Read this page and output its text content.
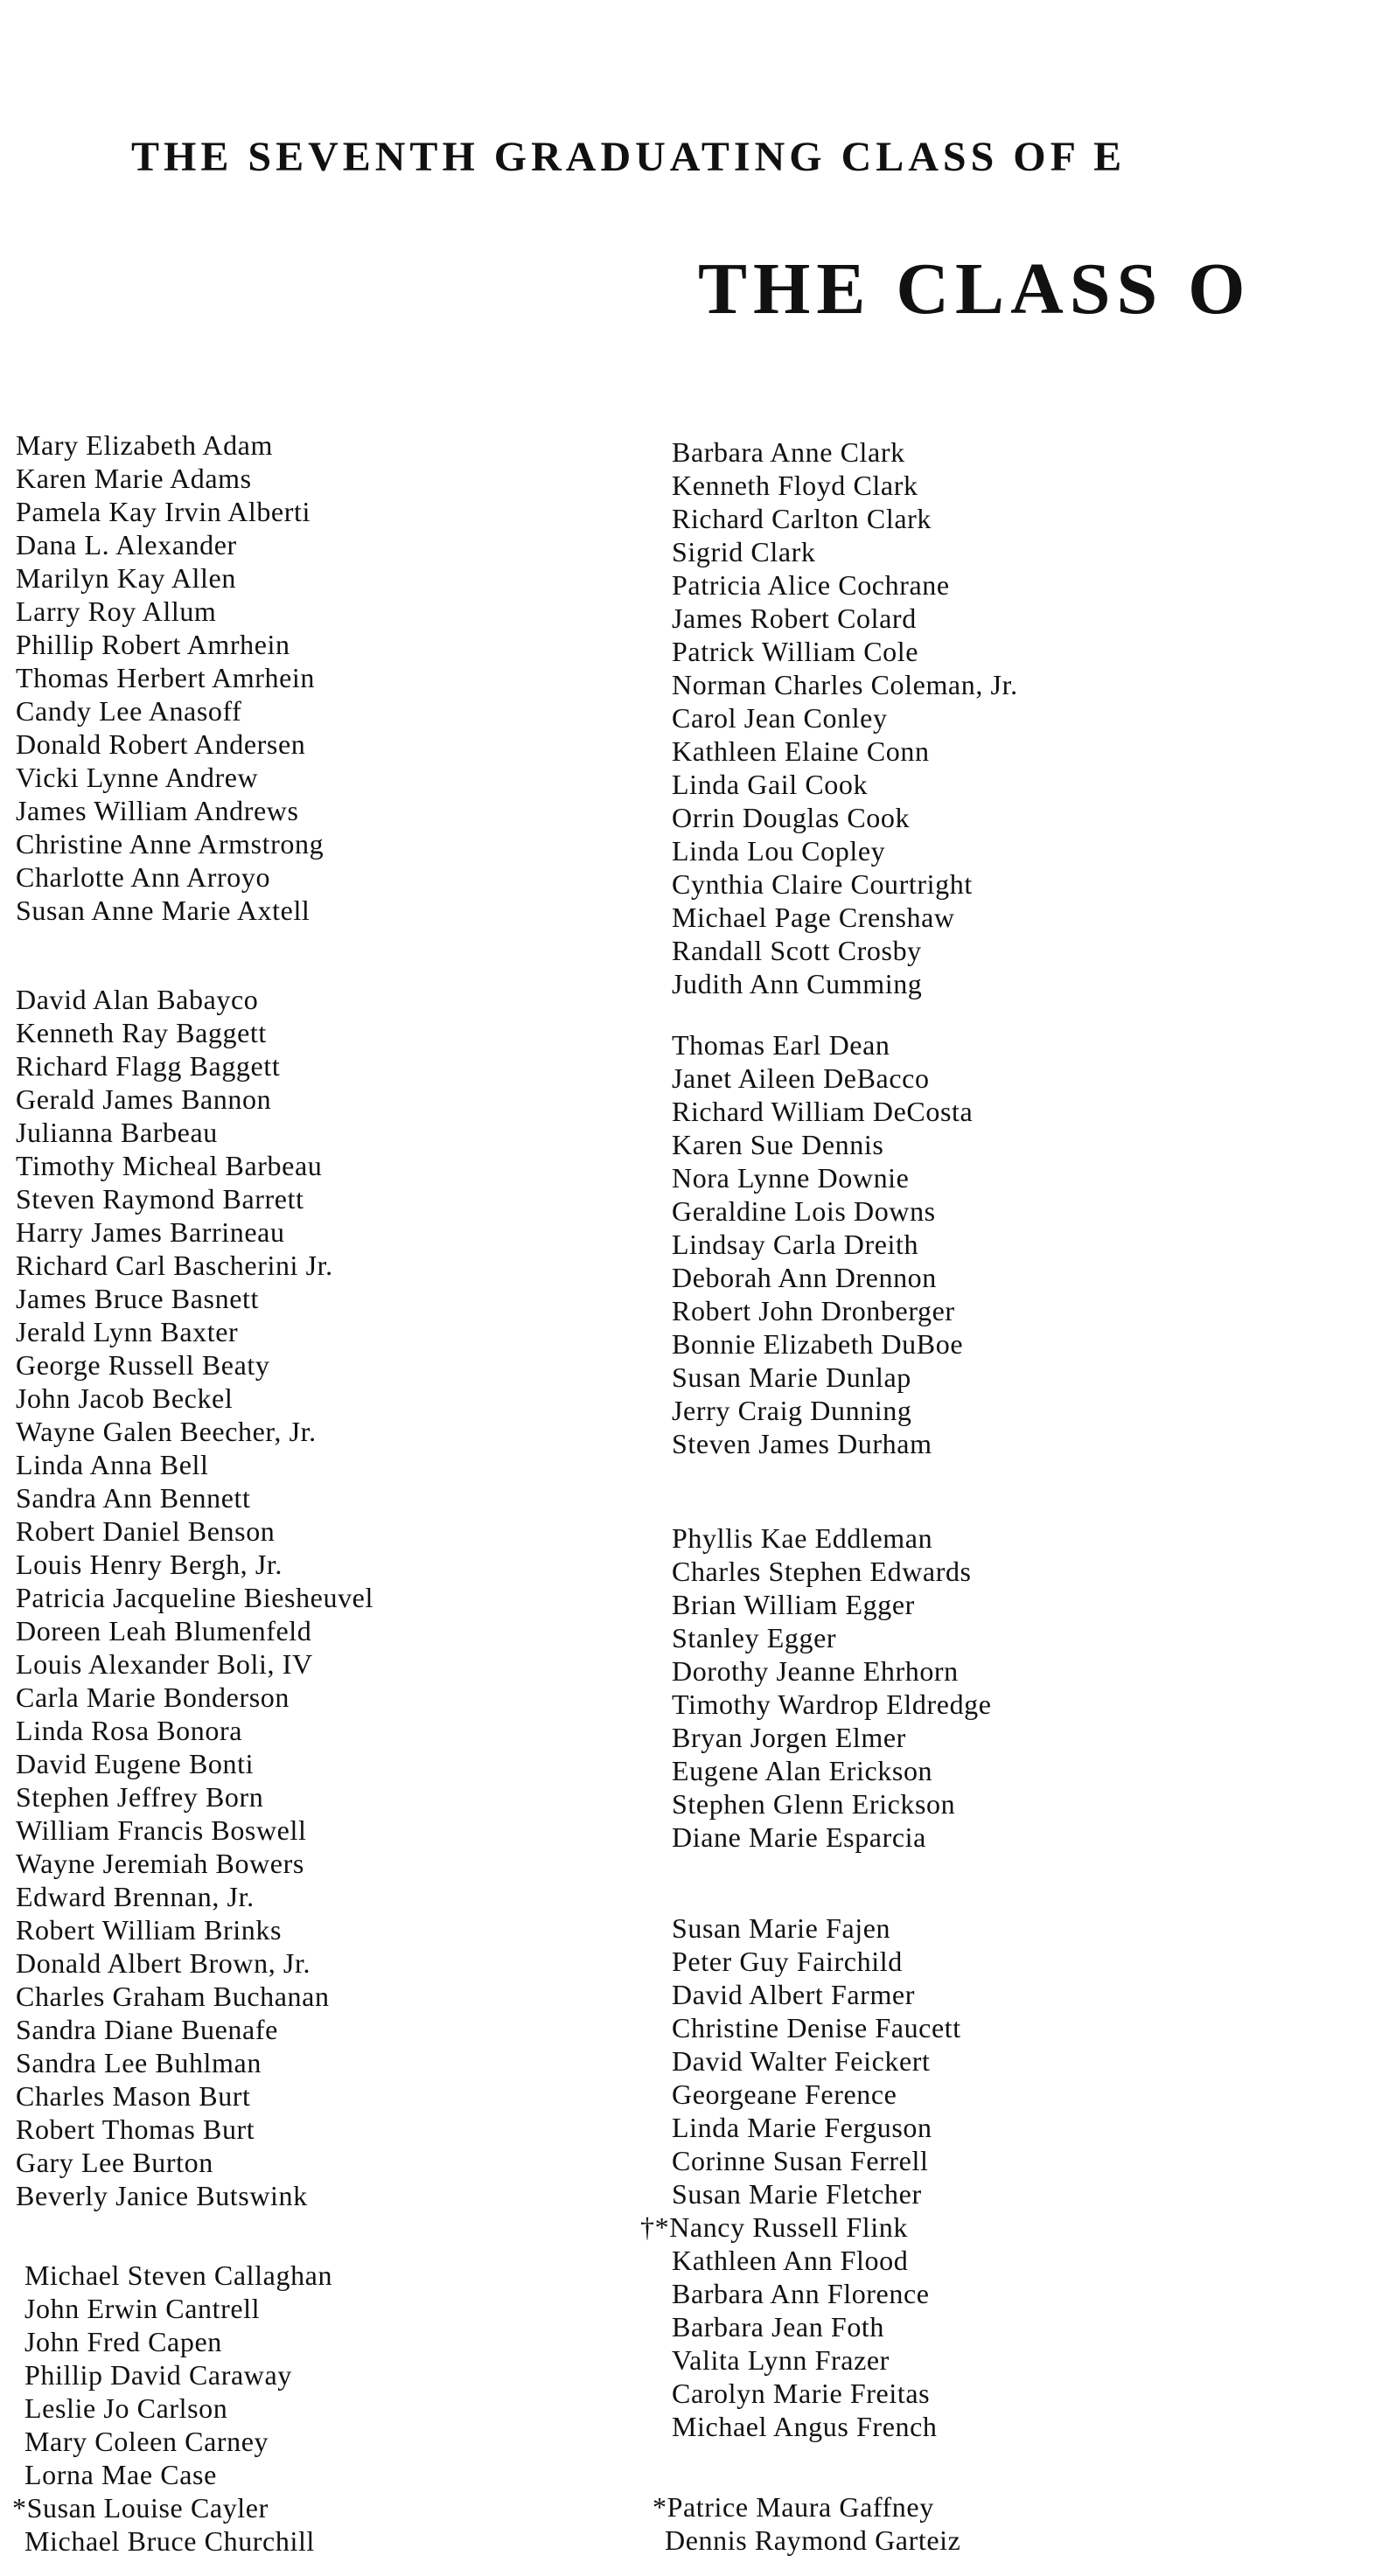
THE SEVENTH GRADUATING CLASS OF E
THE CLASS O
Mary Elizabeth Adam
Karen Marie Adams
Pamela Kay Irvin Alberti
Dana L. Alexander
Marilyn Kay Allen
Larry Roy Allum
Phillip Robert Amrhein
Thomas Herbert Amrhein
Candy Lee Anasoff
Donald Robert Andersen
Vicki Lynne Andrew
James William Andrews
Christine Anne Armstrong
Charlotte Ann Arroyo
Susan Anne Marie Axtell
David Alan Babayco
Kenneth Ray Baggett
Richard Flagg Baggett
Gerald James Bannon
Julianna Barbeau
Timothy Micheal Barbeau
Steven Raymond Barrett
Harry James Barrineau
Richard Carl Bascherini Jr.
James Bruce Basnett
Jerald Lynn Baxter
George Russell Beaty
John Jacob Beckel
Wayne Galen Beecher, Jr.
Linda Anna Bell
Sandra Ann Bennett
Robert Daniel Benson
Louis Henry Bergh, Jr.
Patricia Jacqueline Biesheuvel
Doreen Leah Blumenfeld
Louis Alexander Boli, IV
Carla Marie Bonderson
Linda Rosa Bonora
David Eugene Bonti
Stephen Jeffrey Born
William Francis Boswell
Wayne Jeremiah Bowers
Edward Brennan, Jr.
Robert William Brinks
Donald Albert Brown, Jr.
Charles Graham Buchanan
Sandra Diane Buenafe
Sandra Lee Buhlman
Charles Mason Burt
Robert Thomas Burt
Gary Lee Burton
Beverly Janice Butswink
Michael Steven Callaghan
John Erwin Cantrell
John Fred Capen
Phillip David Caraway
Leslie Jo Carlson
Mary Coleen Carney
Lorna Mae Case
*Susan Louise Cayler
Michael Bruce Churchill
Barbara Anne Clark
Kenneth Floyd Clark
Richard Carlton Clark
Sigrid Clark
Patricia Alice Cochrane
James Robert Colard
Patrick William Cole
Norman Charles Coleman, Jr.
Carol Jean Conley
Kathleen Elaine Conn
Linda Gail Cook
Orrin Douglas Cook
Linda Lou Copley
Cynthia Claire Courtright
Michael Page Crenshaw
Randall Scott Crosby
Judith Ann Cumming
Thomas Earl Dean
Janet Aileen DeBacco
Richard William DeCosta
Karen Sue Dennis
Nora Lynne Downie
Geraldine Lois Downs
Lindsay Carla Dreith
Deborah Ann Drennon
Robert John Dronberger
Bonnie Elizabeth DuBoe
Susan Marie Dunlap
Jerry Craig Dunning
Steven James Durham
Phyllis Kae Eddleman
Charles Stephen Edwards
Brian William Egger
Stanley Egger
Dorothy Jeanne Ehrhorn
Timothy Wardrop Eldredge
Bryan Jorgen Elmer
Eugene Alan Erickson
Stephen Glenn Erickson
Diane Marie Esparcia
Susan Marie Fajen
Peter Guy Fairchild
David Albert Farmer
Christine Denise Faucett
David Walter Feickert
Georgeane Ference
Linda Marie Ferguson
Corinne Susan Ferrell
Susan Marie Fletcher
†*Nancy Russell Flink
Kathleen Ann Flood
Barbara Ann Florence
Barbara Jean Foth
Valita Lynn Frazer
Carolyn Marie Freitas
Michael Angus French
*Patrice Maura Gaffney
Dennis Raymond Garteiz
